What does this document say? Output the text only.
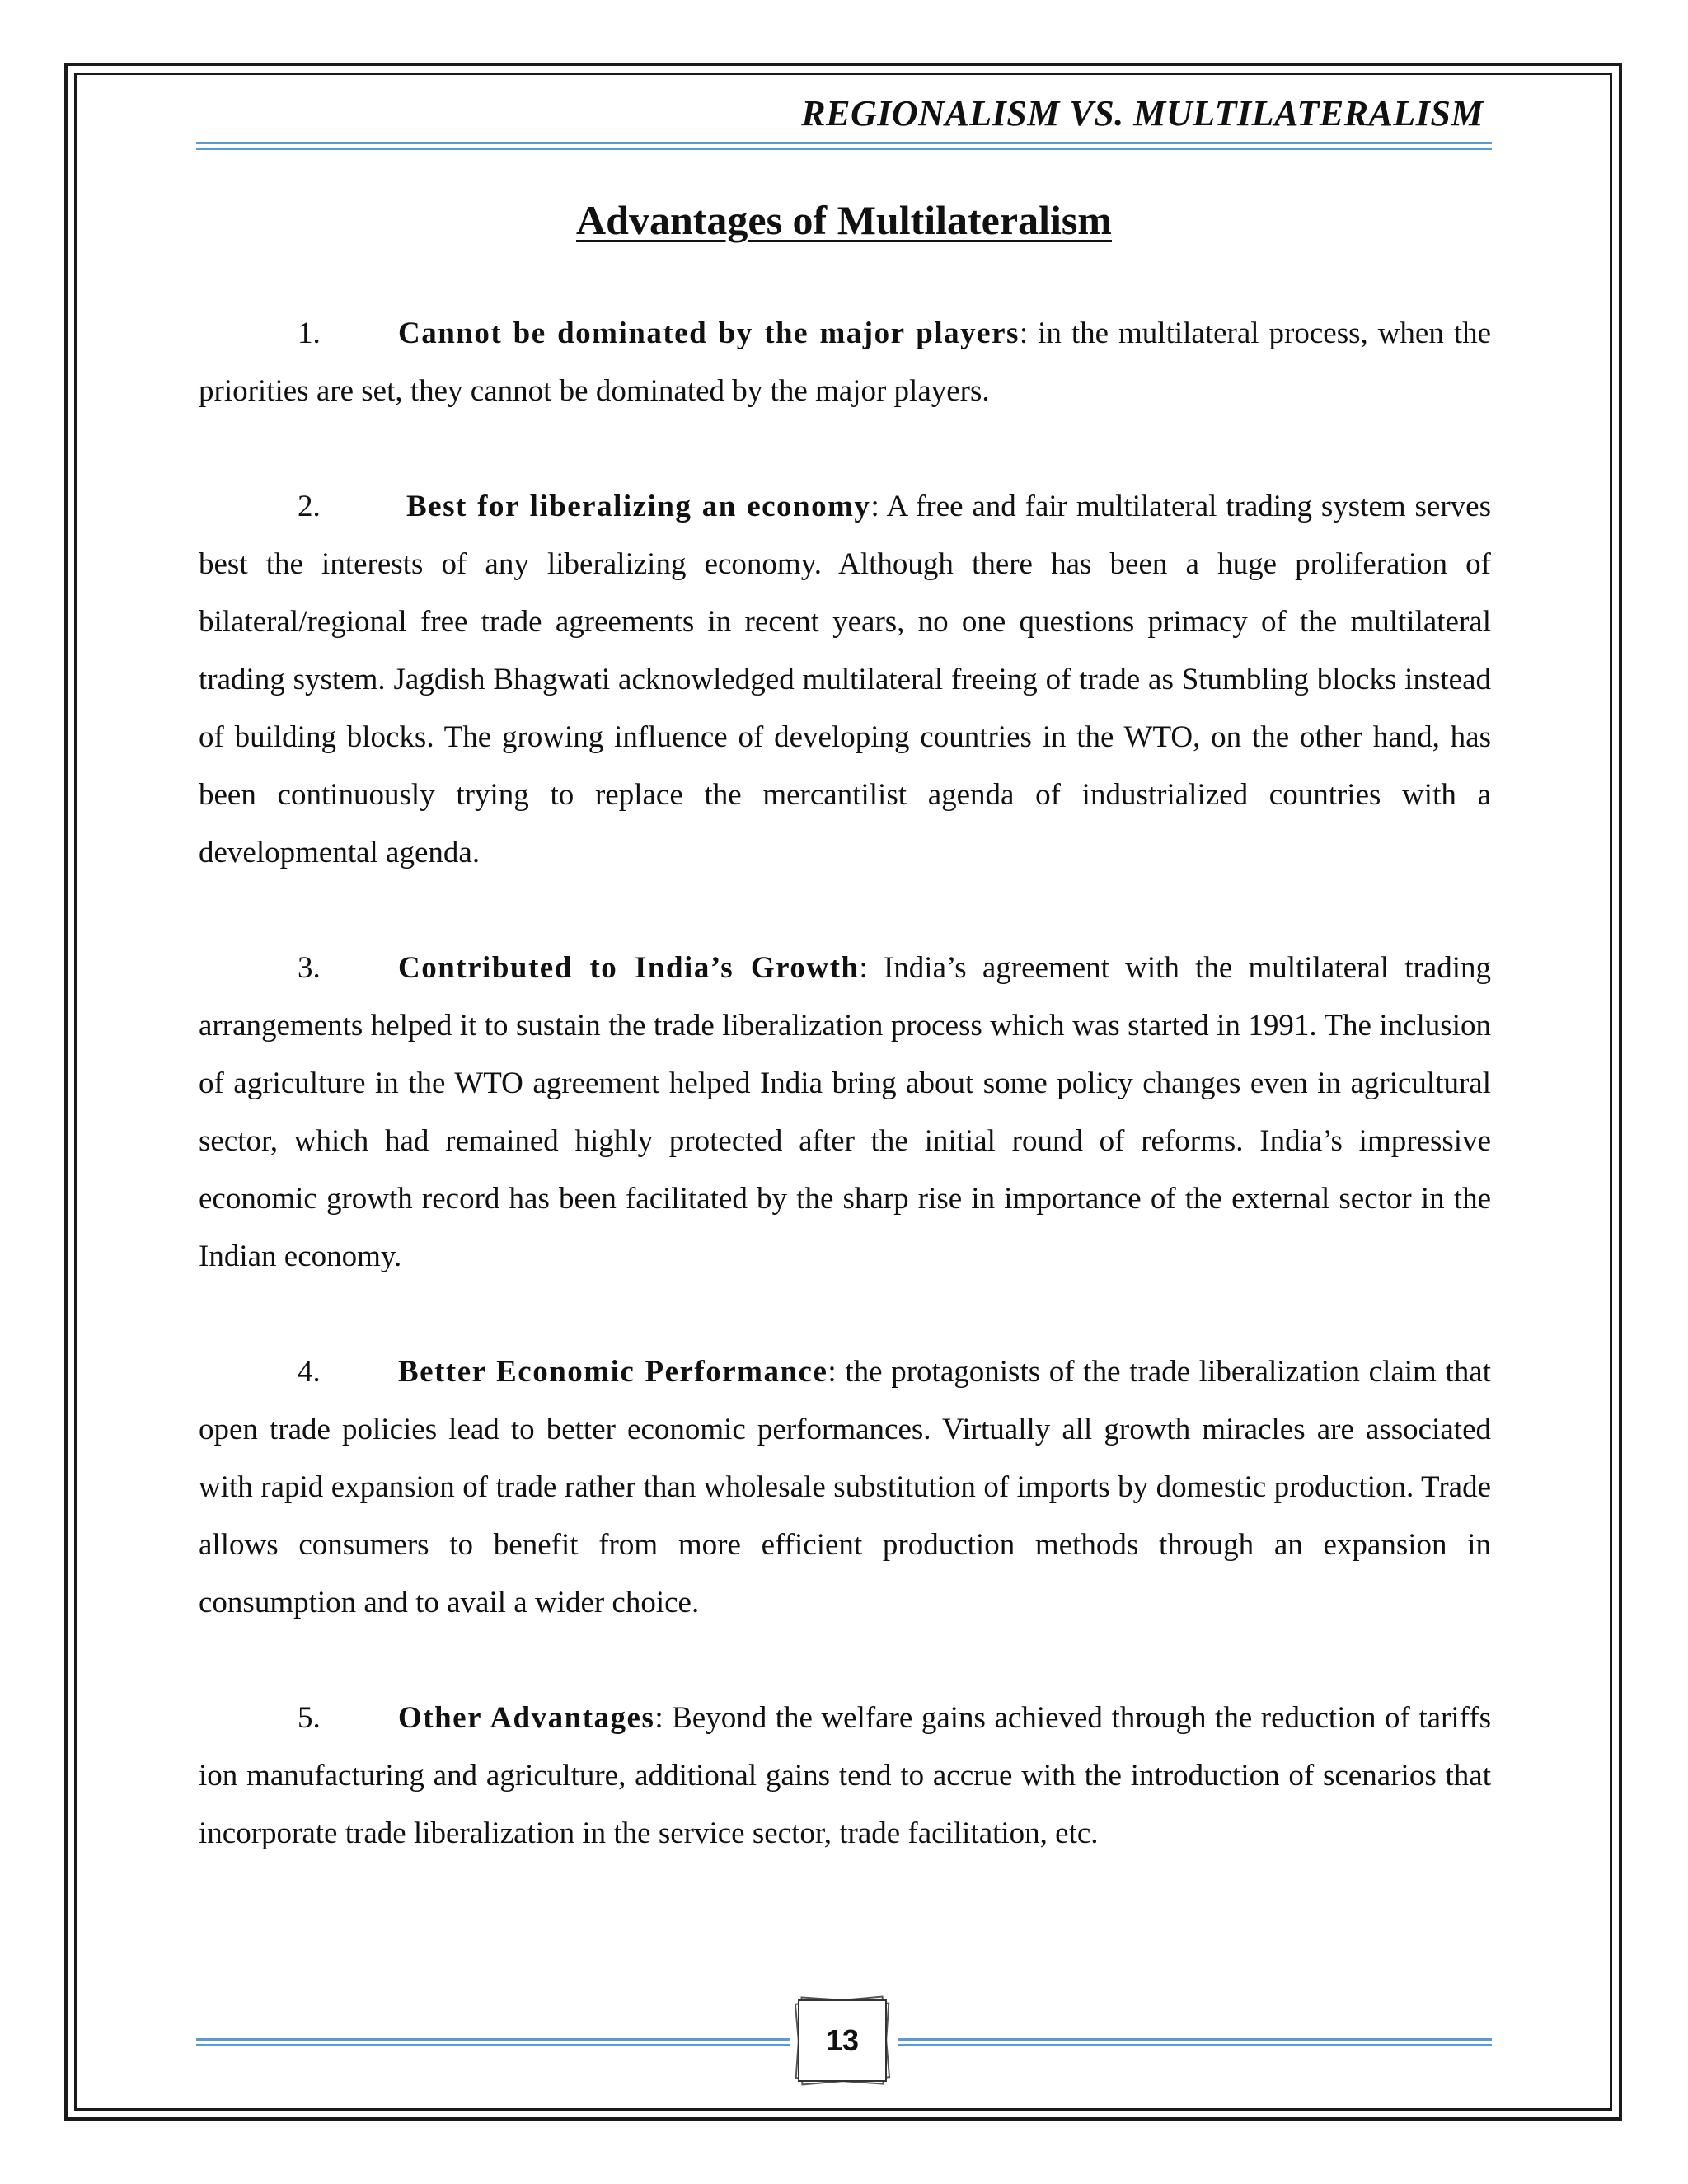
REGIONALISM VS. MULTILATERALISM
Advantages of Multilateralism

1.	Cannot be dominated by the major players: in the multilateral process, when the priorities are set, they cannot be dominated by the major players.

2.	Best for liberalizing an economy: A free and fair multilateral trading system serves best the interests of any liberalizing economy. Although there has been a huge proliferation of bilateral/regional free trade agreements in recent years, no one questions primacy of the multilateral trading system. Jagdish Bhagwati acknowledged multilateral freeing of trade as Stumbling blocks instead of building blocks. The growing influence of developing countries in the WTO, on the other hand, has been continuously trying to replace the mercantilist agenda of industrialized countries with a developmental agenda.

3.	Contributed to India’s Growth: India’s agreement with the multilateral trading arrangements helped it to sustain the trade liberalization process which was started in 1991. The inclusion of agriculture in the WTO agreement helped India bring about some policy changes even in agricultural sector, which had remained highly protected after the initial round of reforms. India’s impressive economic growth record has been facilitated by the sharp rise in importance of the external sector in the Indian economy.

4.	Better Economic Performance: the protagonists of the trade liberalization claim that open trade policies lead to better economic performances. Virtually all growth miracles are associated with rapid expansion of trade rather than wholesale substitution of imports by domestic production. Trade allows consumers to benefit from more efficient production methods through an expansion in consumption and to avail a wider choice.

5.	Other Advantages: Beyond the welfare gains achieved through the reduction of tariffs ion manufacturing and agriculture, additional gains tend to accrue with the introduction of scenarios that incorporate trade liberalization in the service sector, trade facilitation, etc.

13
